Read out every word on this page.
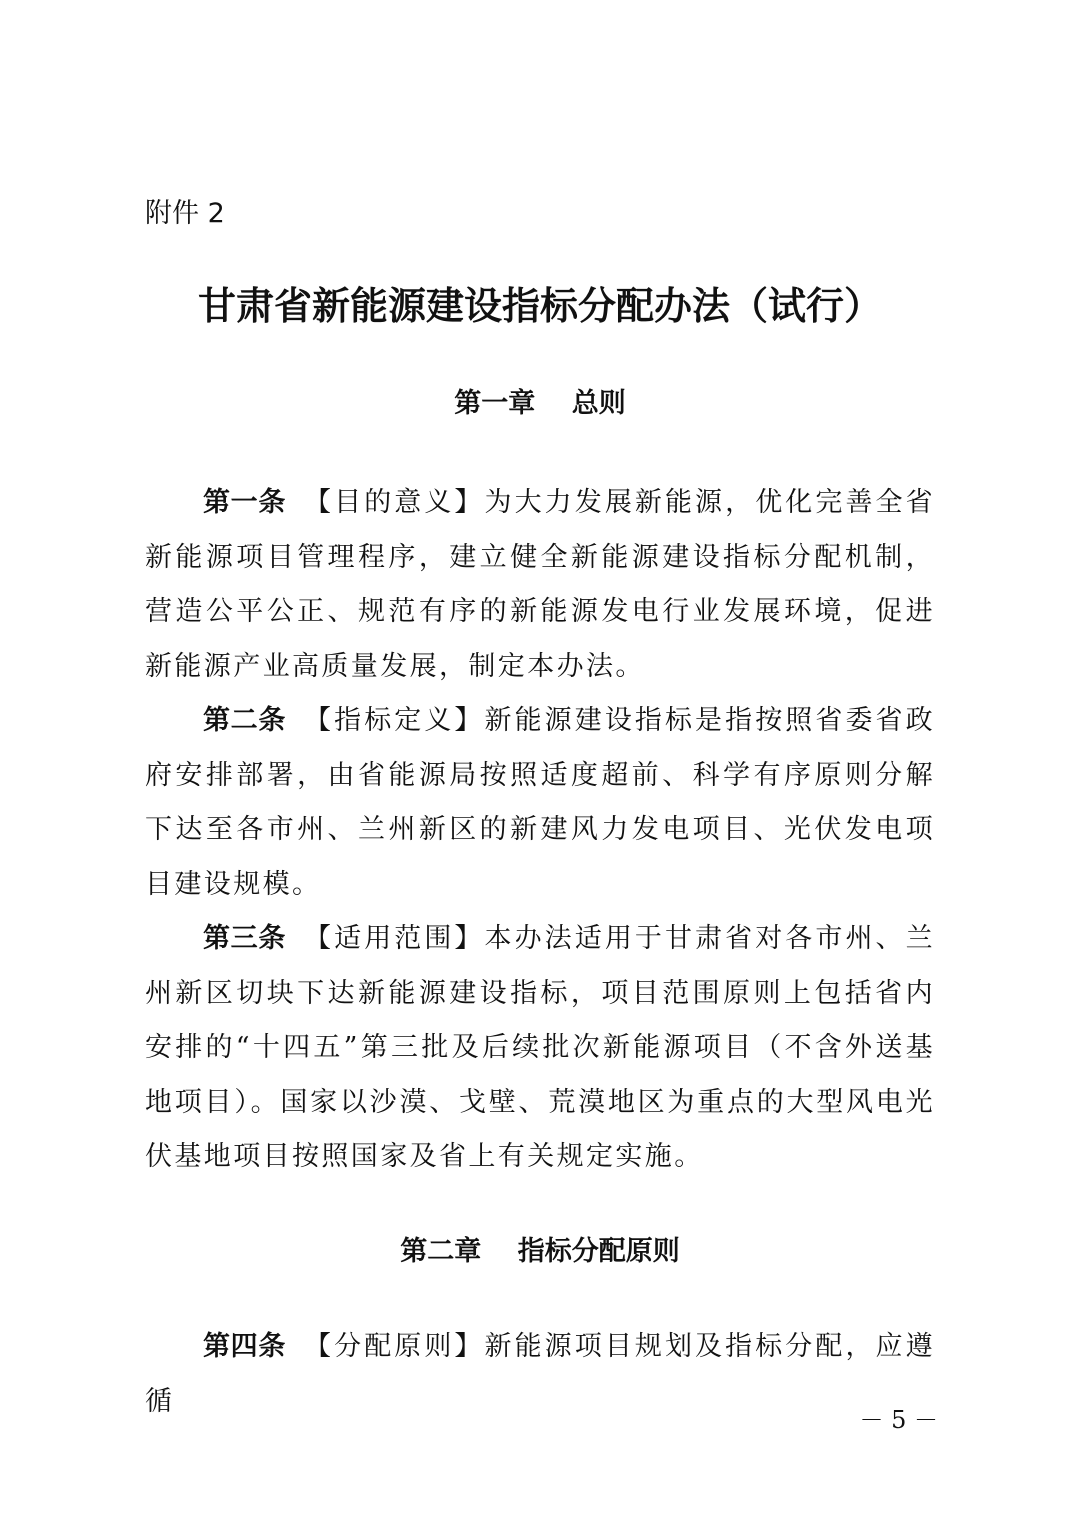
附件 2
甘肃省新能源建设指标分配办法（试行）
第一章　 总则
第一条 【目的意义】为大力发展新能源，优化完善全省新能源项目管理程序，建立健全新能源建设指标分配机制，营造公平公正、规范有序的新能源发电行业发展环境，促进新能源产业高质量发展，制定本办法。
第二条 【指标定义】新能源建设指标是指按照省委省政府安排部署，由省能源局按照适度超前、科学有序原则分解下达至各市州、兰州新区的新建风力发电项目、光伏发电项目建设规模。
第三条 【适用范围】本办法适用于甘肃省对各市州、兰州新区切块下达新能源建设指标，项目范围原则上包括省内安排的“十四五”第三批及后续批次新能源项目（不含外送基地项目）。国家以沙漠、戈壁、荒漠地区为重点的大型风电光伏基地项目按照国家及省上有关规定实施。
第二章　 指标分配原则
第四条 【分配原则】新能源项目规划及指标分配，应遵循
－ 5 －
